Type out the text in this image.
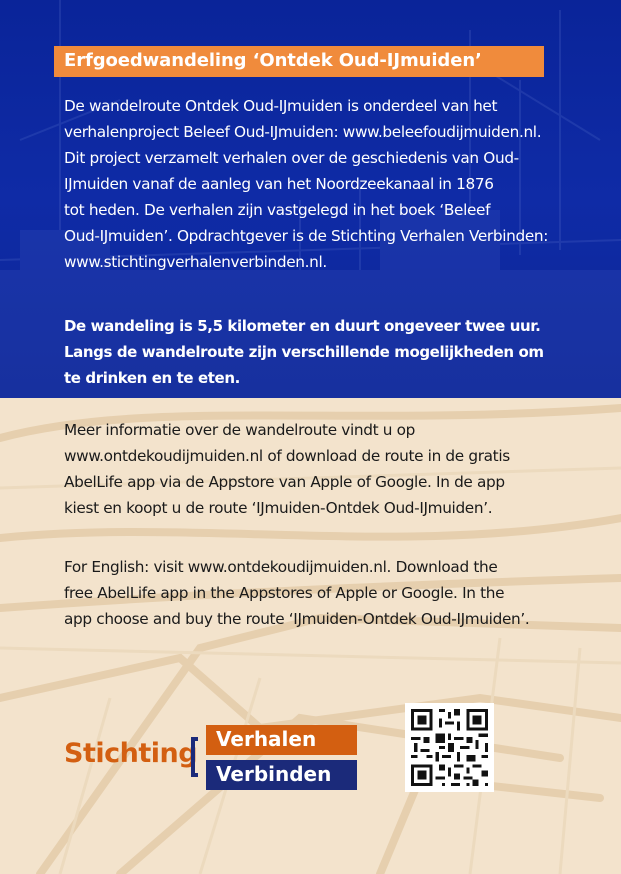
Erfgoedwandeling ‘Ontdek Oud-IJmuiden’
De wandelroute Ontdek Oud-IJmuiden is onderdeel van het
verhalenproject Beleef Oud-IJmuiden: www.beleefoudijmuiden.nl.
Dit project verzamelt verhalen over de geschiedenis van Oud-
IJmuiden vanaf de aanleg van het Noordzeekanaal in 1876
tot heden. De verhalen zijn vastgelegd in het boek ‘Beleef
Oud-IJmuiden’. Opdrachtgever is de Stichting Verhalen Verbinden:
www.stichtingverhalenverbinden.nl.
De wandeling is 5,5 kilometer en duurt ongeveer twee uur.
Langs de wandelroute zijn verschillende mogelijkheden om
te drinken en te eten.
Meer informatie over de wandelroute vindt u op
www.ontdekoudijmuiden.nl of download de route in de gratis
AbelLife app via de Appstore van Apple of Google. In de app
kiest en koopt u de route ‘IJmuiden-Ontdek Oud-IJmuiden’.
For English: visit www.ontdekoudijmuiden.nl. Download the
free AbelLife app in the Appstores of Apple or Google. In the
app choose and buy the route ‘IJmuiden-Ontdek Oud-IJmuiden’.
Stichting Verhalen
Verbinden
